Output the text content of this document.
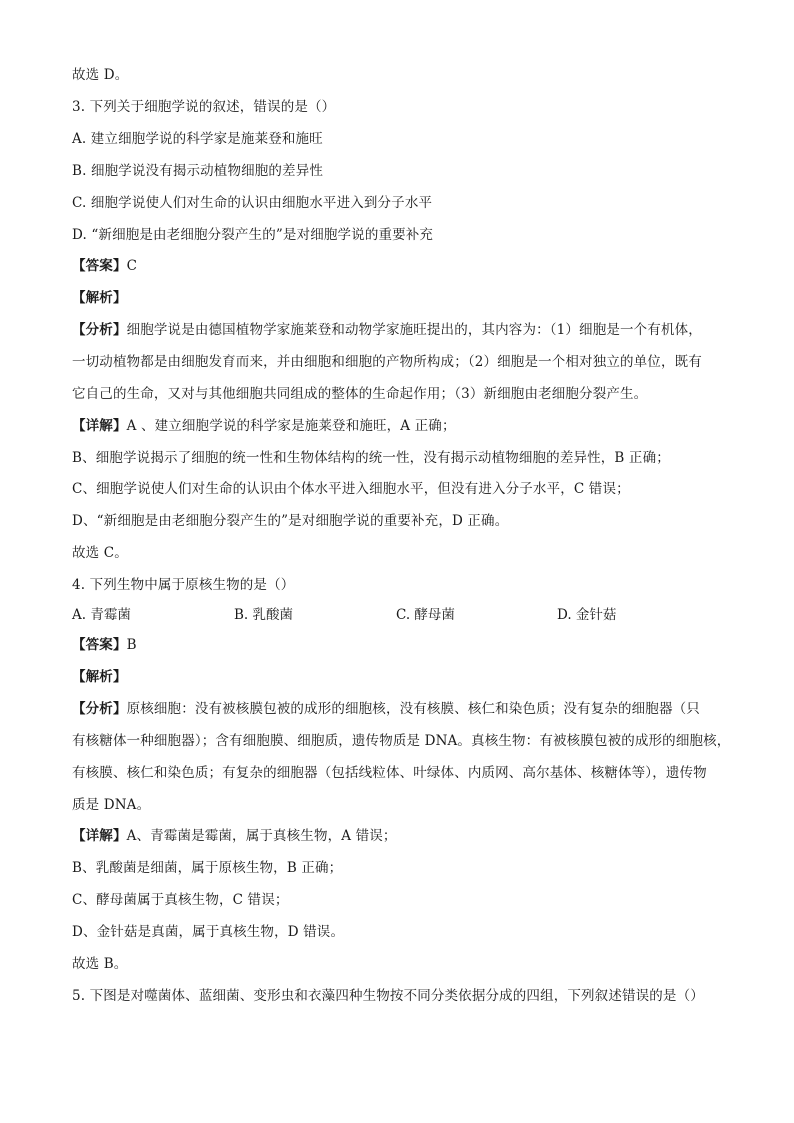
故选 D。
3. 下列关于细胞学说的叙述，错误的是（）
A. 建立细胞学说的科学家是施莱登和施旺
B. 细胞学说没有揭示动植物细胞的差异性
C. 细胞学说使人们对生命的认识由细胞水平进入到分子水平
D. “新细胞是由老细胞分裂产生的”是对细胞学说的重要补充
【答案】C
【解析】
【分析】细胞学说是由德国植物学家施莱登和动物学家施旺提出的，其内容为：（1）细胞是一个有机体，
一切动植物都是由细胞发育而来，并由细胞和细胞的产物所构成；（2）细胞是一个相对独立的单位，既有
它自己的生命，又对与其他细胞共同组成的整体的生命起作用；（3）新细胞由老细胞分裂产生。
【详解】A 、建立细胞学说的科学家是施莱登和施旺，A 正确；
B、细胞学说揭示了细胞的统一性和生物体结构的统一性，没有揭示动植物细胞的差异性，B 正确；
C、细胞学说使人们对生命的认识由个体水平进入细胞水平，但没有进入分子水平，C 错误；
D、“新细胞是由老细胞分裂产生的”是对细胞学说的重要补充，D 正确。
故选 C。
4. 下列生物中属于原核生物的是（）
A. 青霉菌	B. 乳酸菌	C. 酵母菌	D. 金针菇
【答案】B
【解析】
【分析】原核细胞：没有被核膜包被的成形的细胞核，没有核膜、核仁和染色质；没有复杂的细胞器（只
有核糖体一种细胞器）；含有细胞膜、细胞质，遗传物质是 DNA。真核生物：有被核膜包被的成形的细胞核，
有核膜、核仁和染色质；有复杂的细胞器（包括线粒体、叶绿体、内质网、高尔基体、核糖体等），遗传物
质是 DNA。
【详解】A、青霉菌是霉菌，属于真核生物，A 错误；
B、乳酸菌是细菌，属于原核生物，B 正确；
C、酵母菌属于真核生物，C 错误；
D、金针菇是真菌，属于真核生物，D 错误。
故选 B。
5. 下图是对噬菌体、蓝细菌、变形虫和衣藻四种生物按不同分类依据分成的四组，下列叙述错误的是（）
